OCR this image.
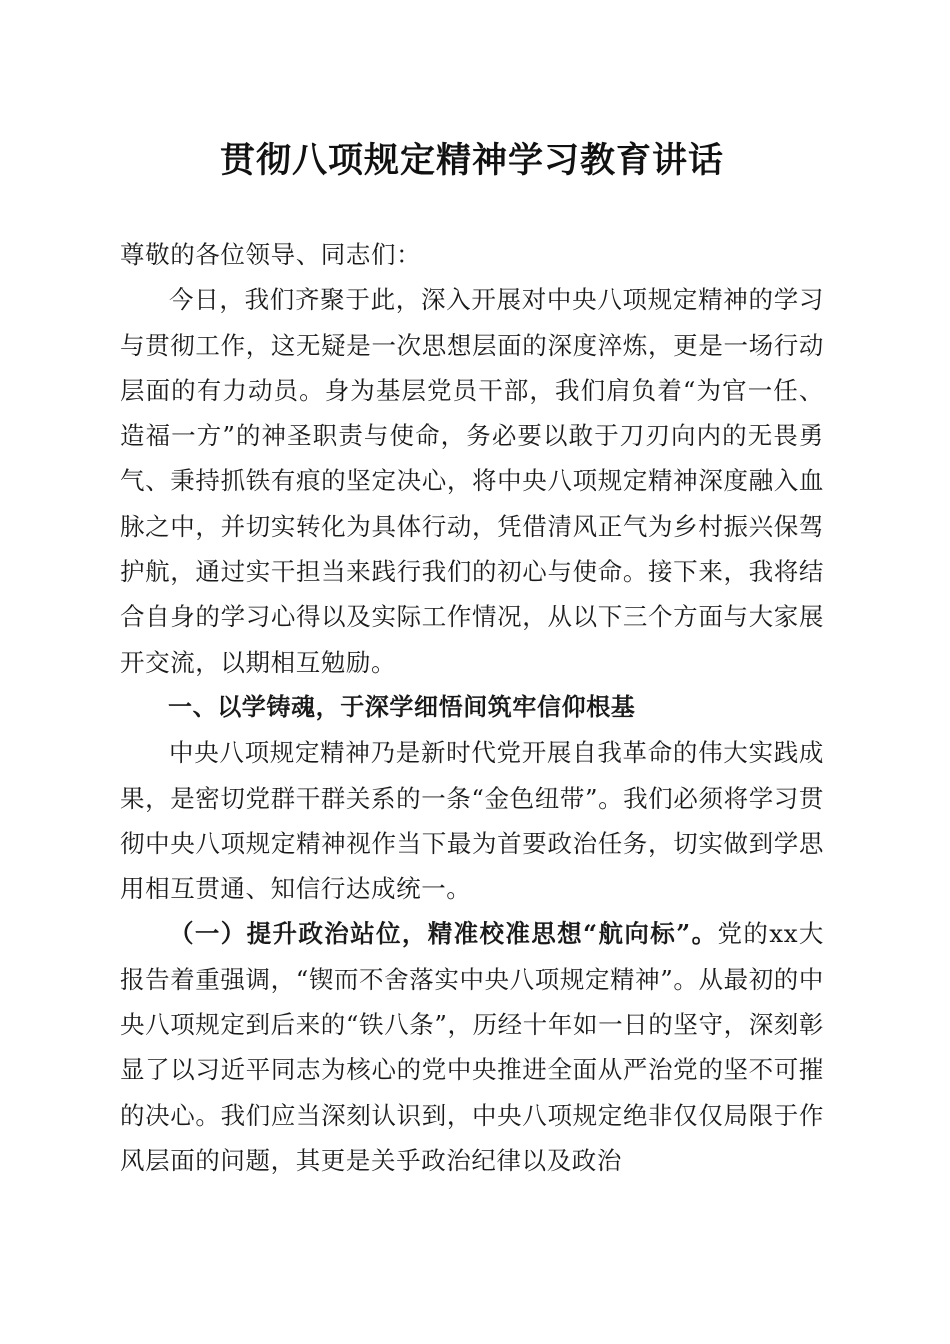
贯彻八项规定精神学习教育讲话

尊敬的各位领导、同志们：

今日，我们齐聚于此，深入开展对中央八项规定精神的学习与贯彻工作，这无疑是一次思想层面的深度淬炼，更是一场行动层面的有力动员。身为基层党员干部，我们肩负着“为官一任、造福一方”的神圣职责与使命，务必要以敢于刀刃向内的无畏勇气、秉持抓铁有痕的坚定决心，将中央八项规定精神深度融入血脉之中，并切实转化为具体行动，凭借清风正气为乡村振兴保驾护航，通过实干担当来践行我们的初心与使命。接下来，我将结合自身的学习心得以及实际工作情况，从以下三个方面与大家展开交流，以期相互勉励。

一、以学铸魂，于深学细悟间筑牢信仰根基

中央八项规定精神乃是新时代党开展自我革命的伟大实践成果，是密切党群干群关系的一条“金色纽带”。我们必须将学习贯彻中央八项规定精神视作当下最为首要政治任务，切实做到学思用相互贯通、知信行达成统一。

（一）提升政治站位，精准校准思想“航向标”。党的xx大报告着重强调，“锲而不舍落实中央八项规定精神”。从最初的中央八项规定到后来的“铁八条”，历经十年如一日的坚守，深刻彰显了以习近平同志为核心的党中央推进全面从严治党的坚不可摧的决心。我们应当深刻认识到，中央八项规定绝非仅仅局限于作风层面的问题，其更是关乎政治纪律以及政治
